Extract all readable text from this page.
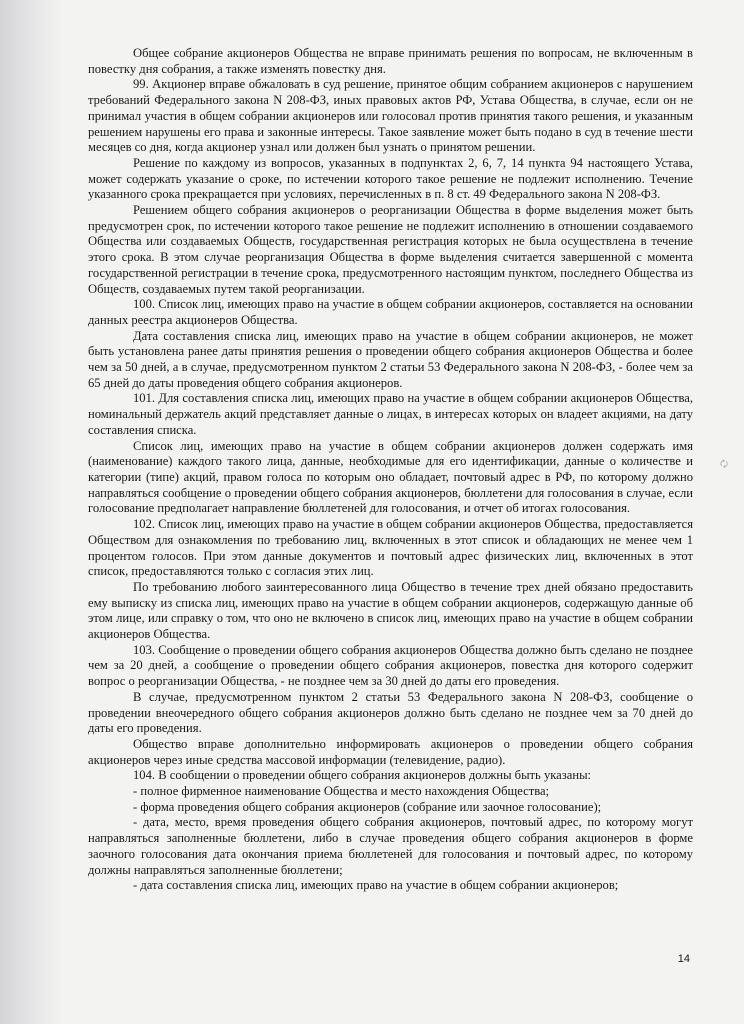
Общее собрание акционеров Общества не вправе принимать решения по вопросам, не включенным в повестку дня собрания, а также изменять повестку дня.

99. Акционер вправе обжаловать в суд решение, принятое общим собранием акционеров с нарушением требований Федерального закона N 208-ФЗ, иных правовых актов РФ, Устава Общества, в случае, если он не принимал участия в общем собрании акционеров или голосовал против принятия такого решения, и указанным решением нарушены его права и законные интересы. Такое заявление может быть подано в суд в течение шести месяцев со дня, когда акционер узнал или должен был узнать о принятом решении.

Решение по каждому из вопросов, указанных в подпунктах 2, 6, 7, 14 пункта 94 настоящего Устава, может содержать указание о сроке, по истечении которого такое решение не подлежит исполнению. Течение указанного срока прекращается при условиях, перечисленных в п. 8 ст. 49 Федерального закона N 208-ФЗ.

Решением общего собрания акционеров о реорганизации Общества в форме выделения может быть предусмотрен срок, по истечении которого такое решение не подлежит исполнению в отношении создаваемого Общества или создаваемых Обществ, государственная регистрация которых не была осуществлена в течение этого срока. В этом случае реорганизация Общества в форме выделения считается завершенной с момента государственной регистрации в течение срока, предусмотренного настоящим пунктом, последнего Общества из Обществ, создаваемых путем такой реорганизации.

100. Список лиц, имеющих право на участие в общем собрании акционеров, составляется на основании данных реестра акционеров Общества.

Дата составления списка лиц, имеющих право на участие в общем собрании акционеров, не может быть установлена ранее даты принятия решения о проведении общего собрания акционеров Общества и более чем за 50 дней, а в случае, предусмотренном пунктом 2 статьи 53 Федерального закона N 208-ФЗ, - более чем за 65 дней до даты проведения общего собрания акционеров.

101. Для составления списка лиц, имеющих право на участие в общем собрании акционеров Общества, номинальный держатель акций представляет данные о лицах, в интересах которых он владеет акциями, на дату составления списка.

Список лиц, имеющих право на участие в общем собрании акционеров должен содержать имя (наименование) каждого такого лица, данные, необходимые для его идентификации, данные о количестве и категории (типе) акций, правом голоса по которым оно обладает, почтовый адрес в РФ, по которому должно направляться сообщение о проведении общего собрания акционеров, бюллетени для голосования в случае, если голосование предполагает направление бюллетеней для голосования, и отчет об итогах голосования.

102. Список лиц, имеющих право на участие в общем собрании акционеров Общества, предоставляется Обществом для ознакомления по требованию лиц, включенных в этот список и обладающих не менее чем 1 процентом голосов. При этом данные документов и почтовый адрес физических лиц, включенных в этот список, предоставляются только с согласия этих лиц.

По требованию любого заинтересованного лица Общество в течение трех дней обязано предоставить ему выписку из списка лиц, имеющих право на участие в общем собрании акционеров, содержащую данные об этом лице, или справку о том, что оно не включено в список лиц, имеющих право на участие в общем собрании акционеров Общества.

103. Сообщение о проведении общего собрания акционеров Общества должно быть сделано не позднее чем за 20 дней, а сообщение о проведении общего собрания акционеров, повестка дня которого содержит вопрос о реорганизации Общества, - не позднее чем за 30 дней до даты его проведения.

В случае, предусмотренном пунктом 2 статьи 53 Федерального закона N 208-ФЗ, сообщение о проведении внеочередного общего собрания акционеров должно быть сделано не позднее чем за 70 дней до даты его проведения.

Общество вправе дополнительно информировать акционеров о проведении общего собрания акционеров через иные средства массовой информации (телевидение, радио).

104. В сообщении о проведении общего собрания акционеров должны быть указаны:

- полное фирменное наименование Общества и место нахождения Общества;

- форма проведения общего собрания акционеров (собрание или заочное голосование);

- дата, место, время проведения общего собрания акционеров, почтовый адрес, по которому могут направляться заполненные бюллетени, либо в случае проведения общего собрания акционеров в форме заочного голосования дата окончания приема бюллетеней для голосования и почтовый адрес, по которому должны направляться заполненные бюллетени;

- дата составления списка лиц, имеющих право на участие в общем собрании акционеров;

14
🗘
